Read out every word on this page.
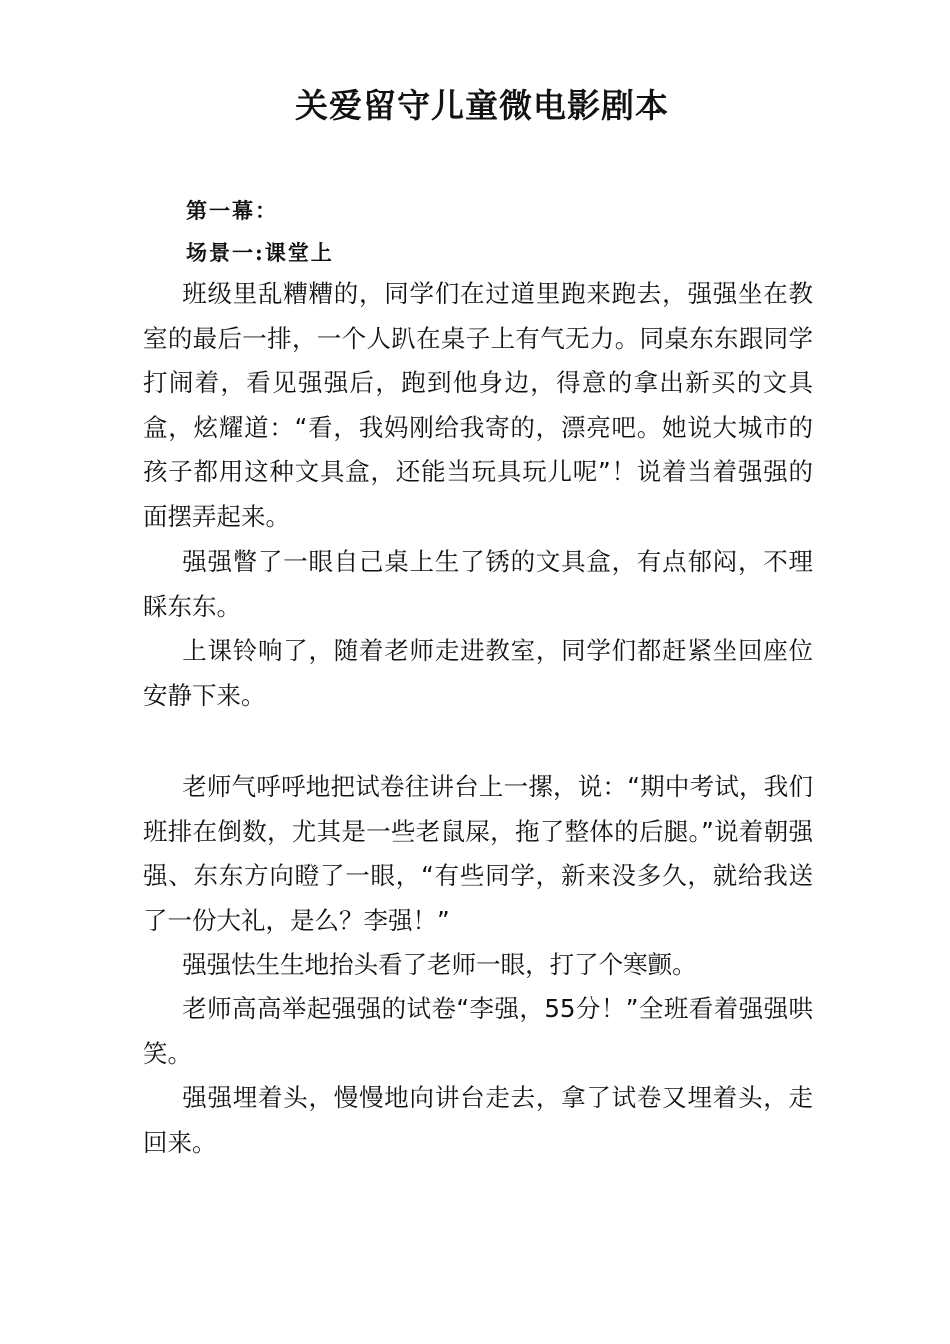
关爱留守儿童微电影剧本
第一幕：
场景一:课堂上

班级里乱糟糟的，同学们在过道里跑来跑去，强强坐在教室的最后一排，一个人趴在桌子上有气无力。同桌东东跟同学打闹着，看见强强后，跑到他身边，得意的拿出新买的文具盒，炫耀道：“看，我妈刚给我寄的，漂亮吧。她说大城市的孩子都用这种文具盒，还能当玩具玩儿呢”！说着当着强强的面摆弄起来。

强强瞥了一眼自己桌上生了锈的文具盒，有点郁闷，不理睬东东。

上课铃响了，随着老师走进教室，同学们都赶紧坐回座位安静下来。

老师气呼呼地把试卷往讲台上一摞，说：“期中考试，我们班排在倒数，尤其是一些老鼠屎，拖了整体的后腿。”说着朝强强、东东方向瞪了一眼，“有些同学，新来没多久，就给我送了一份大礼，是么？李强！”

强强怯生生地抬头看了老师一眼，打了个寒颤。

老师高高举起强强的试卷“李强，55分！”全班看着强强哄笑。

强强埋着头，慢慢地向讲台走去，拿了试卷又埋着头，走回来。
